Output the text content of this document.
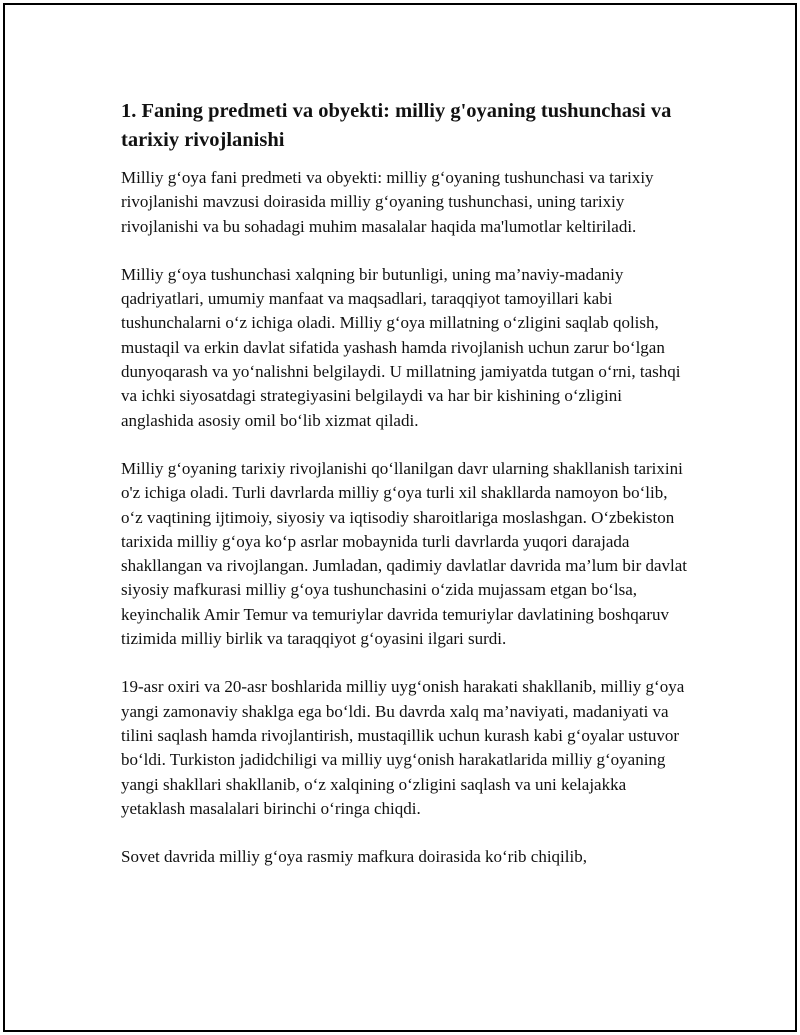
1. Faning predmeti va obyekti: milliy g'oyaning tushunchasi va tarixiy rivojlanishi

Milliy g‘oya fani predmeti va obyekti: milliy g‘oyaning tushunchasi va tarixiy rivojlanishi mavzusi doirasida milliy g‘oyaning tushunchasi, uning tarixiy rivojlanishi va bu sohadagi muhim masalalar haqida ma'lumotlar keltiriladi.

Milliy g‘oya tushunchasi xalqning bir butunligi, uning ma’naviy-madaniy qadriyatlari, umumiy manfaat va maqsadlari, taraqqiyot tamoyillari kabi tushunchalarni o‘z ichiga oladi. Milliy g‘oya millatning o‘zligini saqlab qolish, mustaqil va erkin davlat sifatida yashash hamda rivojlanish uchun zarur bo‘lgan dunyoqarash va yo‘nalishni belgilaydi. U millatning jamiyatda tutgan o‘rni, tashqi va ichki siyosatdagi strategiyasini belgilaydi va har bir kishining o‘zligini anglashida asosiy omil bo‘lib xizmat qiladi.

Milliy g‘oyaning tarixiy rivojlanishi qo‘llanilgan davr ularning shakllanish tarixini o'z ichiga oladi. Turli davrlarda milliy g‘oya turli xil shakllarda namoyon bo‘lib, o‘z vaqtining ijtimoiy, siyosiy va iqtisodiy sharoitlariga moslashgan. O‘zbekiston tarixida milliy g‘oya ko‘p asrlar mobaynida turli davrlarda yuqori darajada shakllangan va rivojlangan. Jumladan, qadimiy davlatlar davrida ma’lum bir davlat siyosiy mafkurasi milliy g‘oya tushunchasini o‘zida mujassam etgan bo‘lsa, keyinchalik Amir Temur va temuriylar davrida temuriylar davlatining boshqaruv tizimida milliy birlik va taraqqiyot g‘oyasini ilgari surdi.

19-asr oxiri va 20-asr boshlarida milliy uyg‘onish harakati shakllanib, milliy g‘oya yangi zamonaviy shaklga ega bo‘ldi. Bu davrda xalq ma’naviyati, madaniyati va tilini saqlash hamda rivojlantirish, mustaqillik uchun kurash kabi g‘oyalar ustuvor bo‘ldi. Turkiston jadidchiligi va milliy uyg‘onish harakatlarida milliy g‘oyaning yangi shakllari shakllanib, o‘z xalqining o‘zligini saqlash va uni kelajakka yetaklash masalalari birinchi o‘ringa chiqdi.

Sovet davrida milliy g‘oya rasmiy mafkura doirasida ko‘rib chiqilib,
